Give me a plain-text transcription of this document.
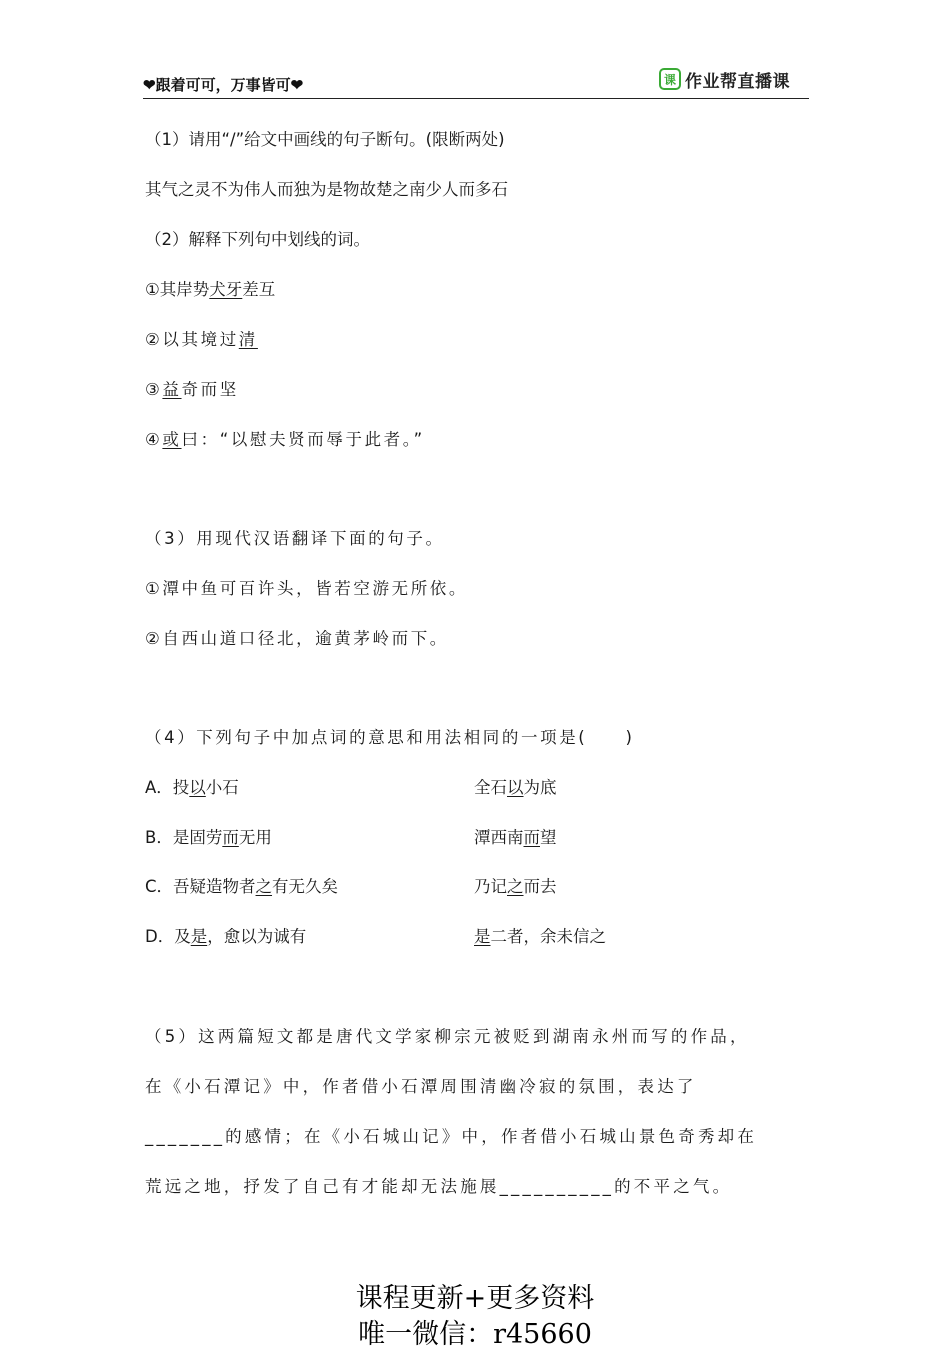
❤跟着可可，万事皆可❤	课 作业帮直播课
（1）请用“/”给文中画线的句子断句。(限断两处)
其气之灵不为伟人而独为是物故楚之南少人而多石
（2）解释下列句中划线的词。
①其岸势犬牙差互
②以其境过清
③益奇而坚
④或曰：“以慰夫贤而辱于此者。”
（3）用现代汉语翻译下面的句子。
①潭中鱼可百许头，皆若空游无所依。
②自西山道口径北，逾黄茅岭而下。
（4）下列句子中加点词的意思和用法相同的一项是(　　)
A．投以小石	全石以为底
B．是固劳而无用	潭西南而望
C．吾疑造物者之有无久矣	乃记之而去
D．及是，愈以为诚有	是二者，余未信之
（5）这两篇短文都是唐代文学家柳宗元被贬到湖南永州而写的作品，
在《小石潭记》中，作者借小石潭周围清幽冷寂的氛围，表达了
_______的感情；在《小石城山记》中，作者借小石城山景色奇秀却在
荒远之地，抒发了自己有才能却无法施展__________的不平之气。
课程更新+更多资料
唯一微信：r45660
